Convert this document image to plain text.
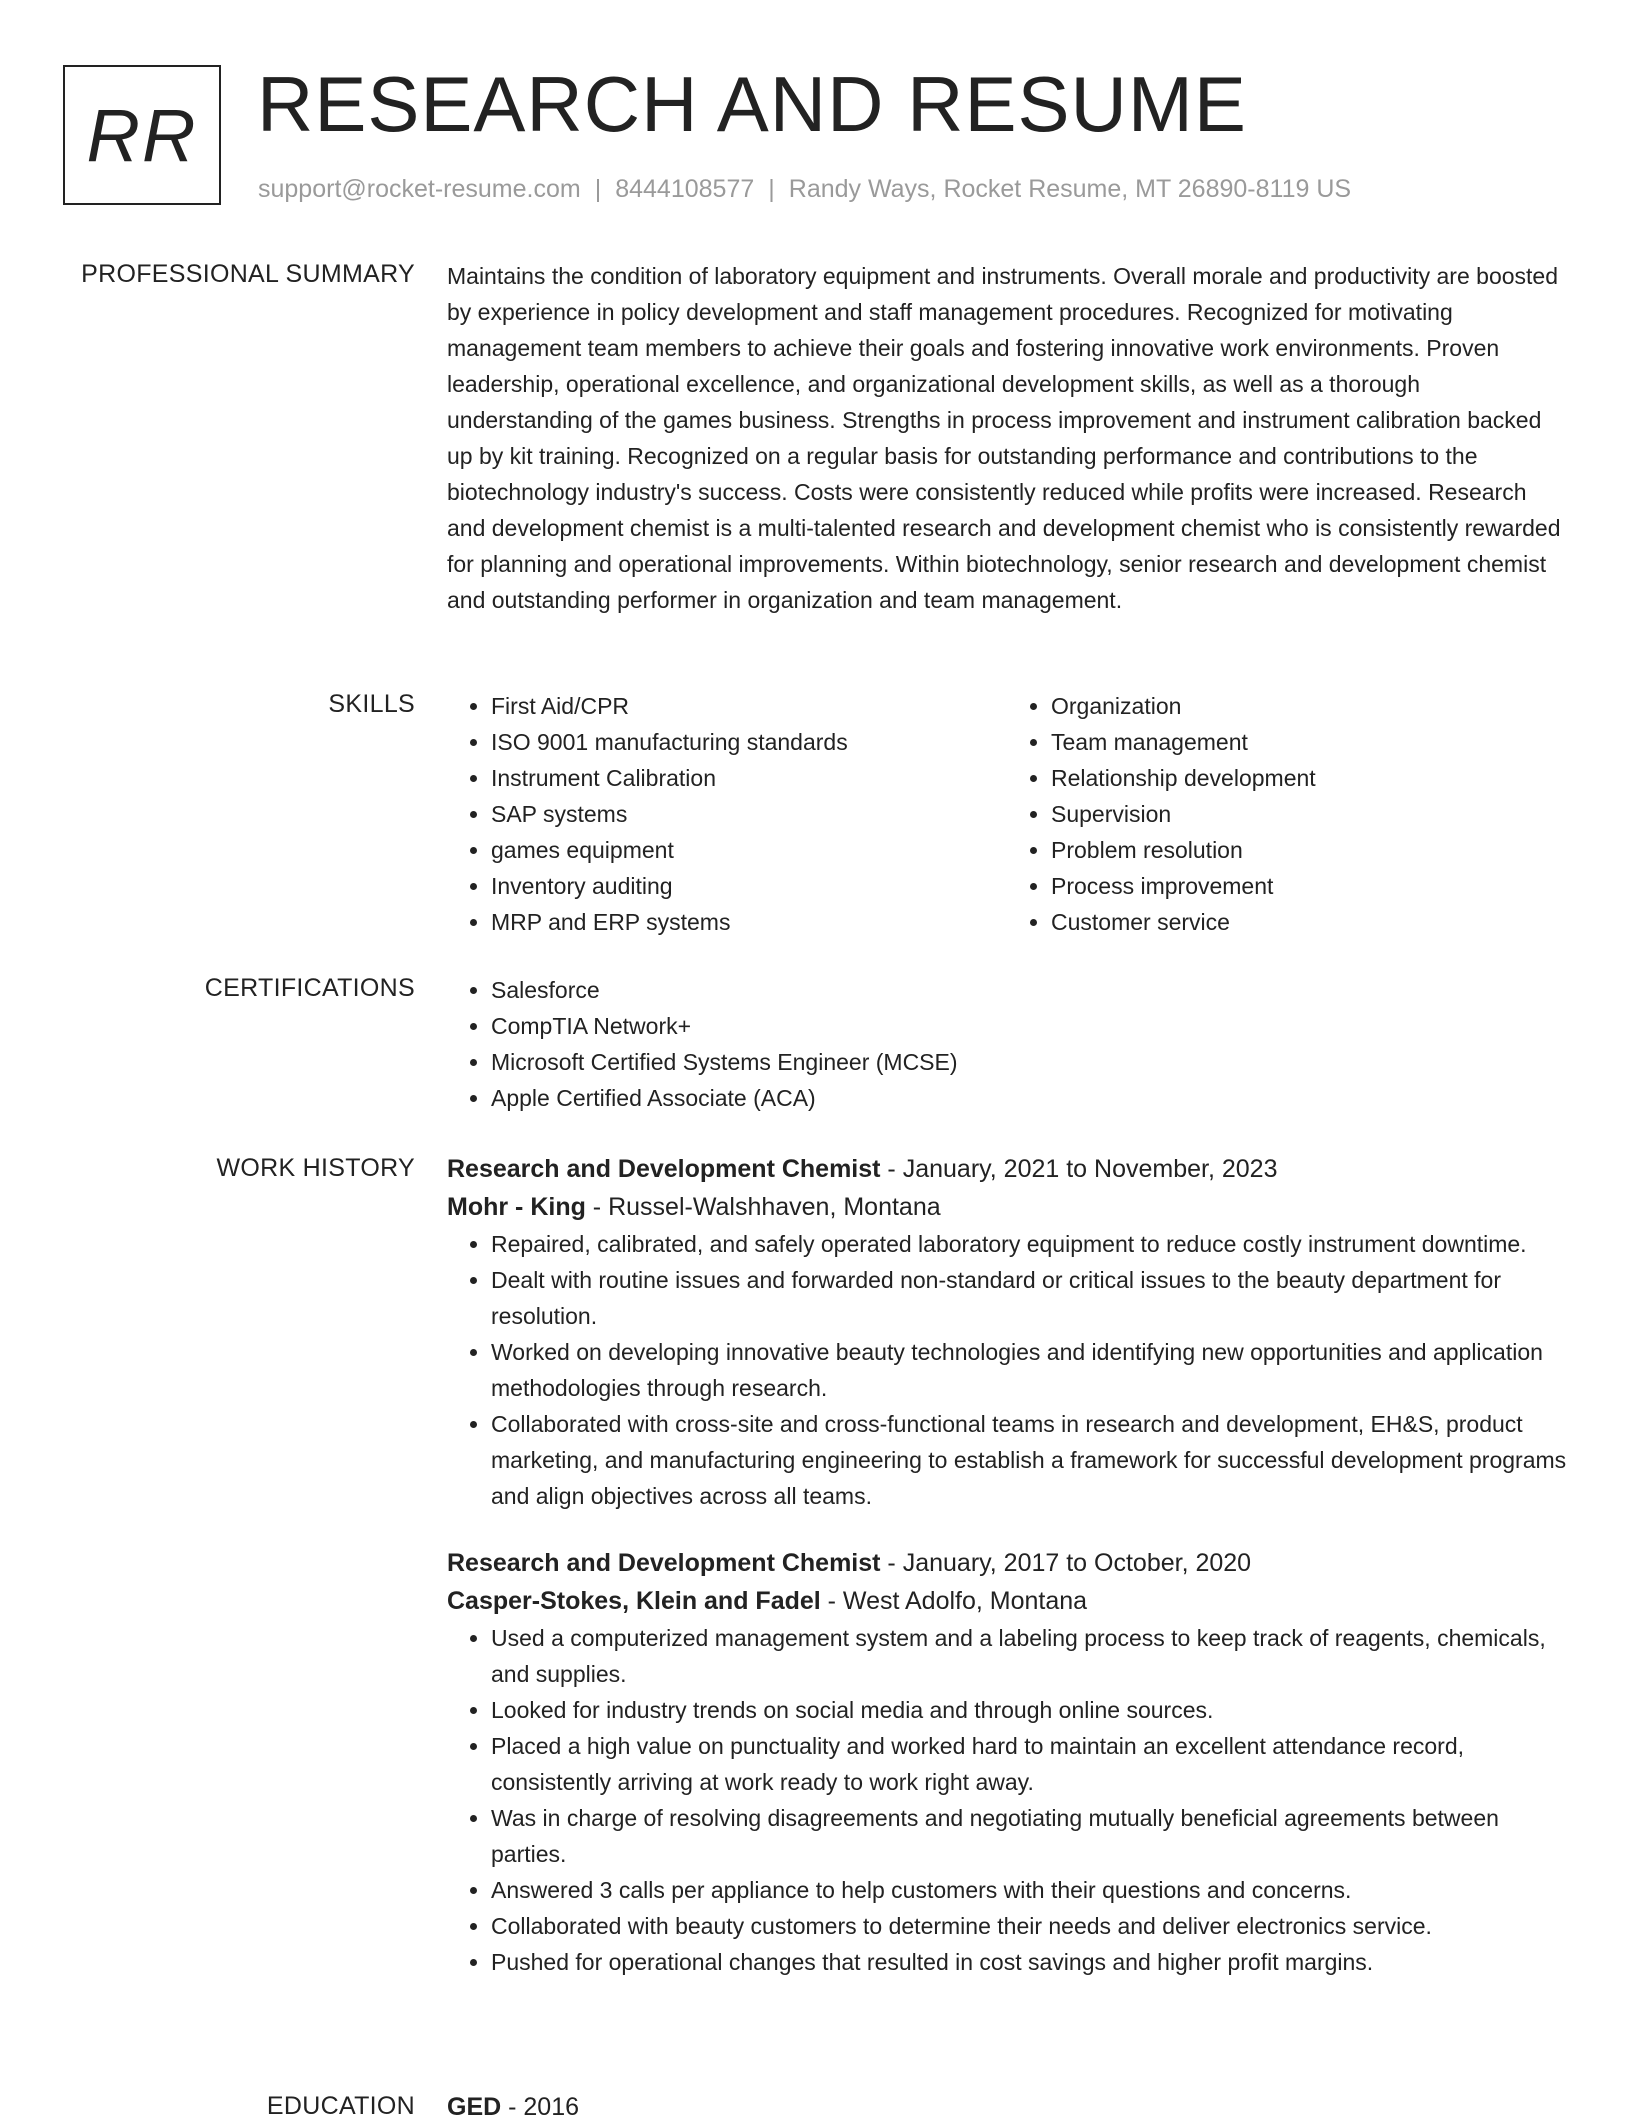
RR RESEARCH AND RESUME
support@rocket-resume.com | 8444108577 | Randy Ways, Rocket Resume, MT 26890-8119 US
PROFESSIONAL SUMMARY Maintains the condition of laboratory equipment and instruments. Overall morale and productivity are boosted by experience in policy development and staff management procedures. Recognized for motivating management team members to achieve their goals and fostering innovative work environments. Proven leadership, operational excellence, and organizational development skills, as well as a thorough understanding of the games business. Strengths in process improvement and instrument calibration backed up by kit training. Recognized on a regular basis for outstanding performance and contributions to the biotechnology industry's success. Costs were consistently reduced while profits were increased. Research and development chemist is a multi-talented research and development chemist who is consistently rewarded for planning and operational improvements. Within biotechnology, senior research and development chemist and outstanding performer in organization and team management.

SKILLS	• First Aid/CPR
• ISO 9001 manufacturing standards
• Instrument Calibration
• SAP systems
• games equipment
• Inventory auditing
• MRP and ERP systems
• Organization
• Team management
• Relationship development
• Supervision
• Problem resolution
• Process improvement
• Customer service
CERTIFICATIONS	• Salesforce
• CompTIA Network+
• Microsoft Certified Systems Engineer (MCSE)
• Apple Certified Associate (ACA)
WORK HISTORY Research and Development Chemist - January, 2021 to November, 2023
Mohr - King - Russel-Walshhaven, Montana
• Repaired, calibrated, and safely operated laboratory equipment to reduce costly instrument downtime.
• Dealt with routine issues and forwarded non-standard or critical issues to the beauty department for resolution.
• Worked on developing innovative beauty technologies and identifying new opportunities and application methodologies through research.
• Collaborated with cross-site and cross-functional teams in research and development, EH&S, product marketing, and manufacturing engineering to establish a framework for successful development programs and align objectives across all teams.
Research and Development Chemist - January, 2017 to October, 2020
Casper-Stokes, Klein and Fadel - West Adolfo, Montana
• Used a computerized management system and a labeling process to keep track of reagents, chemicals, and supplies.
• Looked for industry trends on social media and through online sources.
• Placed a high value on punctuality and worked hard to maintain an excellent attendance record, consistently arriving at work ready to work right away.
• Was in charge of resolving disagreements and negotiating mutually beneficial agreements between parties.
• Answered 3 calls per appliance to help customers with their questions and concerns.
• Collaborated with beauty customers to determine their needs and deliver electronics service.
• Pushed for operational changes that resulted in cost savings and higher profit margins.
EDUCATION GED - 2016
